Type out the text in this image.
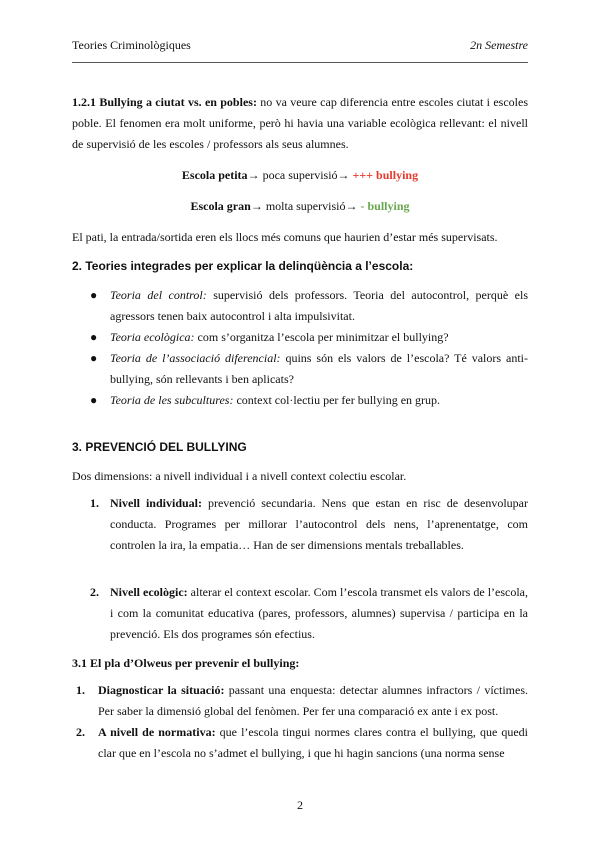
Teories Criminològiques	2n Semestre

1.2.1 Bullying a ciutat vs. en pobles: no va veure cap diferencia entre escoles ciutat i escoles poble. El fenomen era molt uniforme, però hi havia una variable ecològica rellevant: el nivell de supervisió de les escoles / professors als seus alumnes.

Escola petita→ poca supervisió→ +++ bullying

Escola gran→ molta supervisió→ - bullying

El pati, la entrada/sortida eren els llocs més comuns que haurien d’estar més supervisats.

2. Teories integrades per explicar la delinqüència a l’escola:

● Teoria del control: supervisió dels professors. Teoria del autocontrol, perquè els agressors tenen baix autocontrol i alta impulsivitat.
● Teoria ecològica: com s’organitza l’escola per minimitzar el bullying?
● Teoria de l’associació diferencial: quins són els valors de l’escola? Té valors anti-bullying, són rellevants i ben aplicats?
● Teoria de les subcultures: context col·lectiu per fer bullying en grup.

3. PREVENCIÓ DEL BULLYING

Dos dimensions: a nivell individual i a nivell context colectiu escolar.

1. Nivell individual: prevenció secundaria. Nens que estan en risc de desenvolupar conducta. Programes per millorar l’autocontrol dels nens, l’aprenentatge, com controlen la ira, la empatia… Han de ser dimensions mentals treballables.
2. Nivell ecològic: alterar el context escolar. Com l’escola transmet els valors de l’escola, i com la comunitat educativa (pares, professors, alumnes) supervisa / participa en la prevenció. Els dos programes són efectius.

3.1 El pla d’Olweus per prevenir el bullying:

1. Diagnosticar la situació: passant una enquesta: detectar alumnes infractors / víctimes. Per saber la dimensió global del fenòmen. Per fer una comparació ex ante i ex post.
2. A nivell de normativa: que l’escola tingui normes clares contra el bullying, que quedi clar que en l’escola no s’admet el bullying, i que hi hagin sancions (una norma sense
2
